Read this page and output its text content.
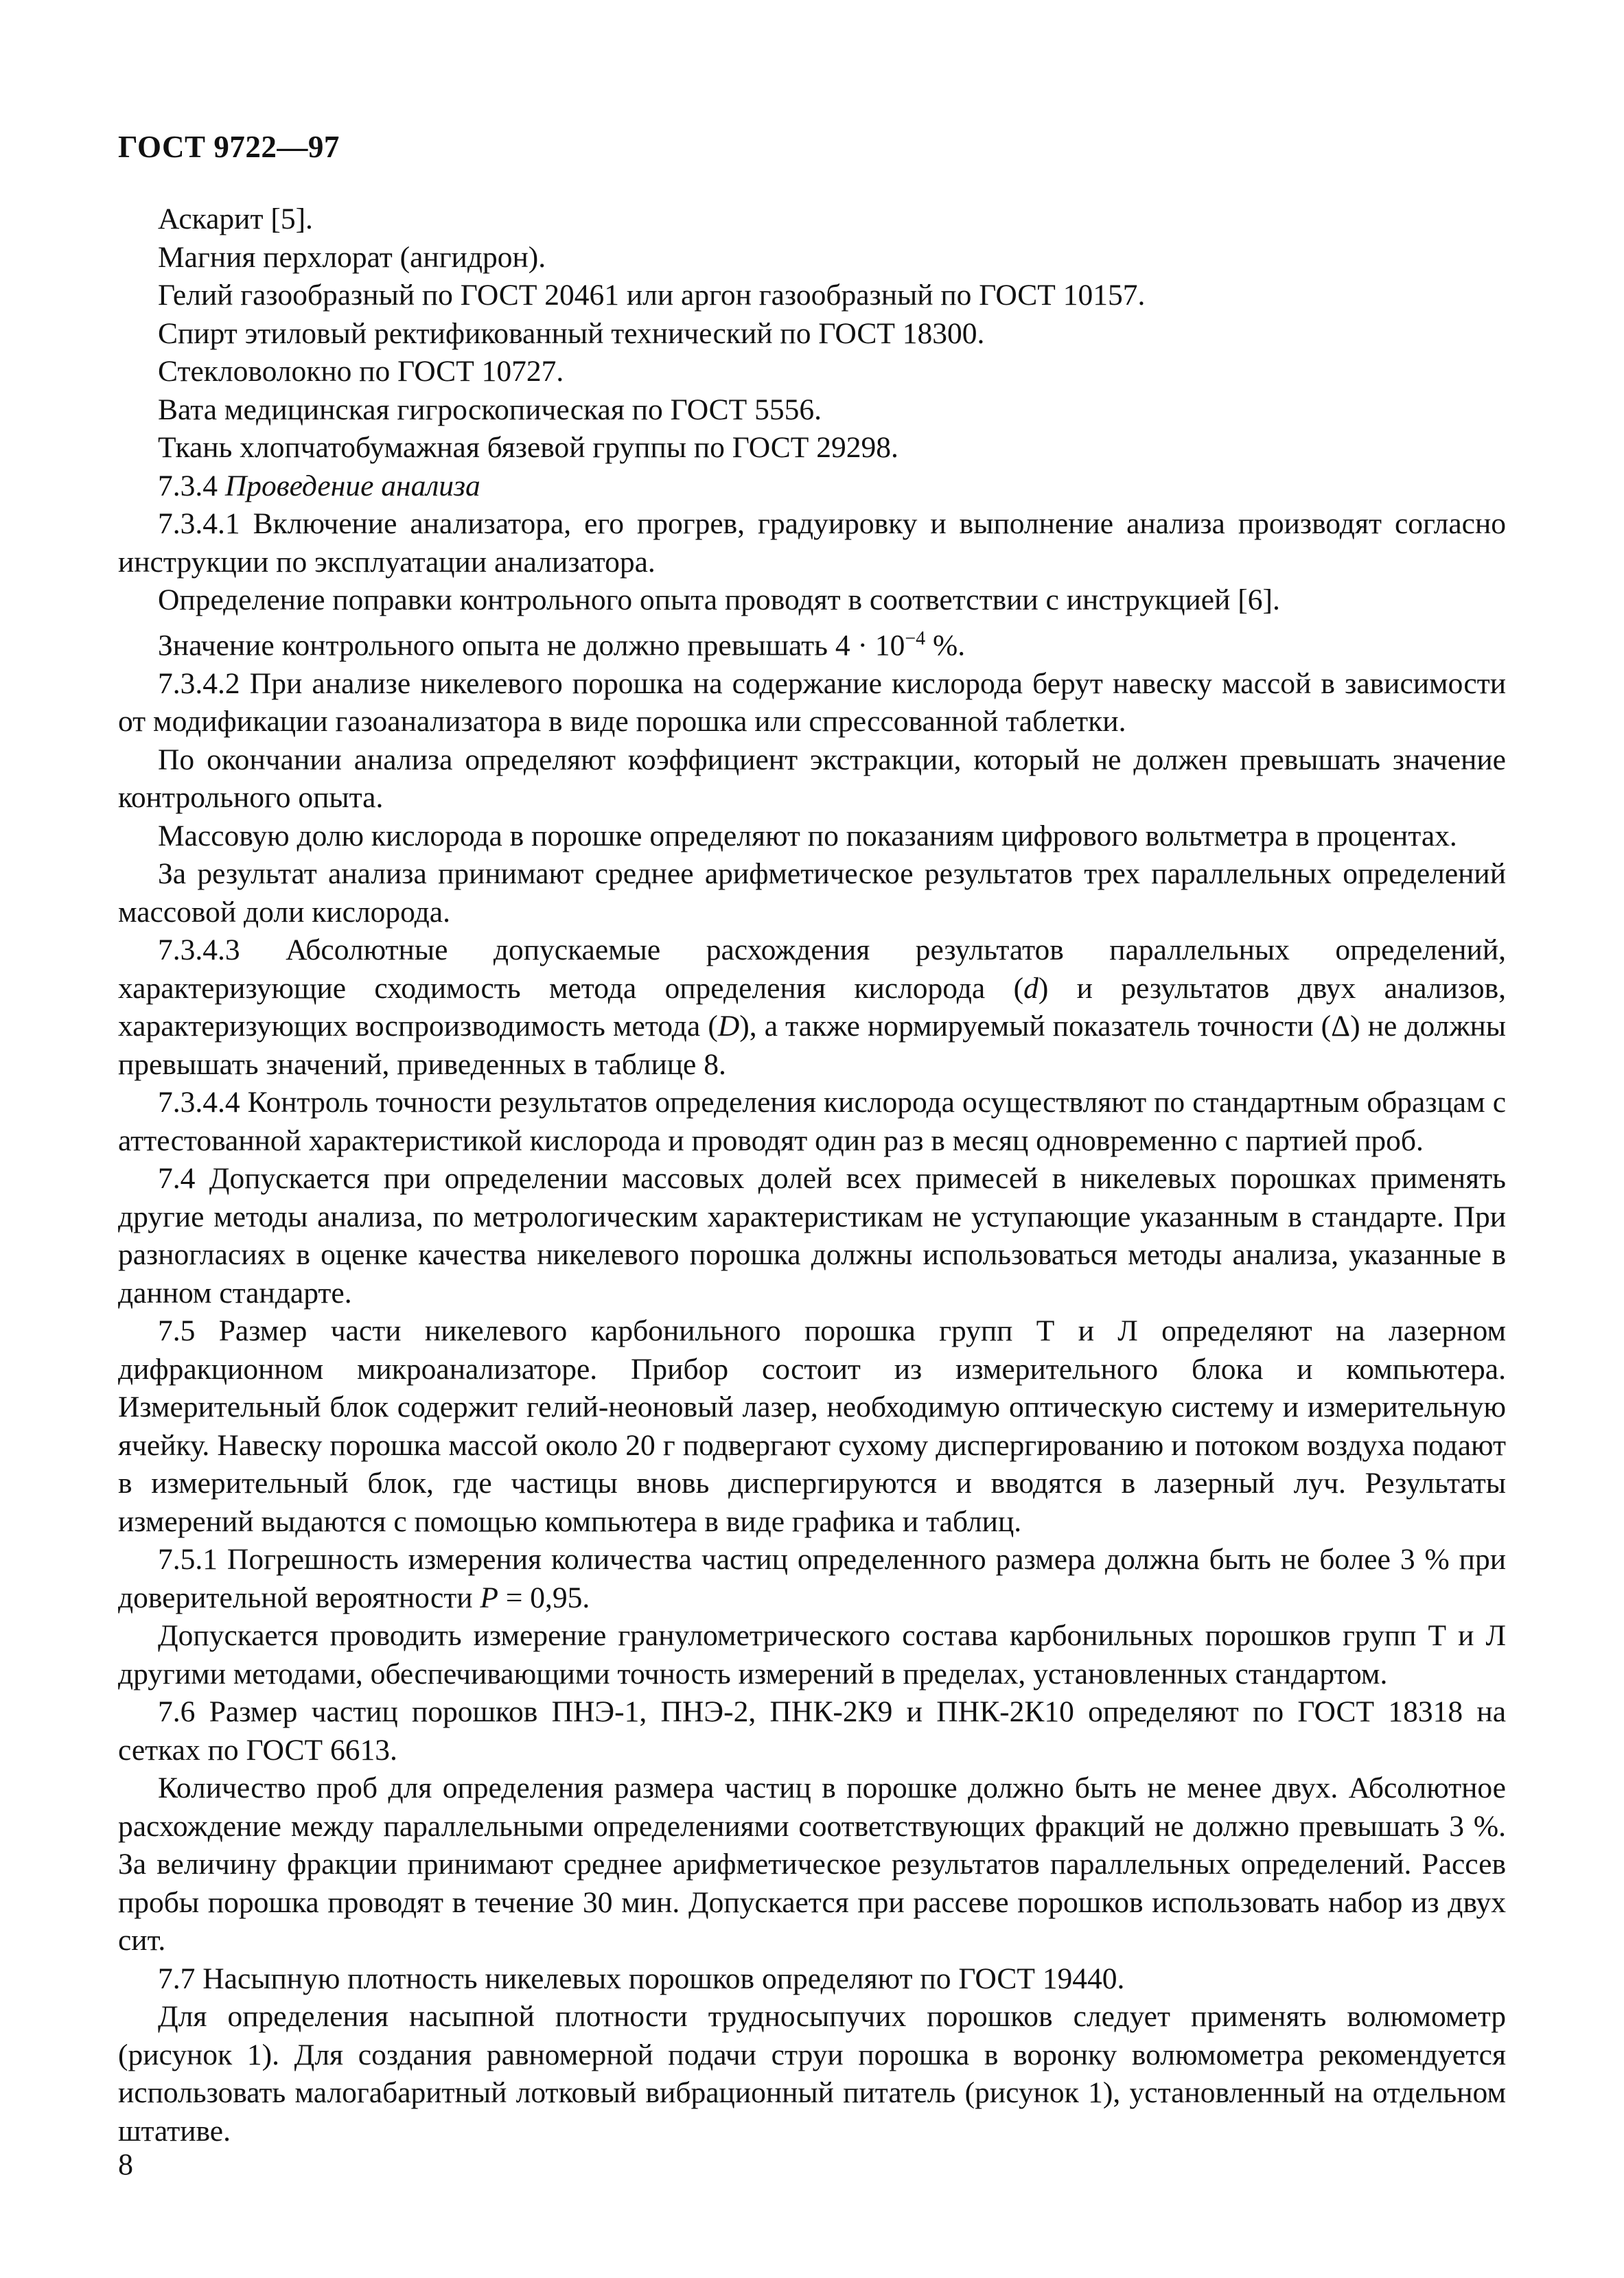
ГОСТ 9722—97

Аскарит [5].

Магния перхлорат (ангидрон).

Гелий газообразный по ГОСТ 20461 или аргон газообразный по ГОСТ 10157.

Спирт этиловый ректификованный технический по ГОСТ 18300.

Стекловолокно по ГОСТ 10727.

Вата медицинская гигроскопическая по ГОСТ 5556.

Ткань хлопчатобумажная бязевой группы по ГОСТ 29298.

7.3.4 Проведение анализа

7.3.4.1 Включение анализатора, его прогрев, градуировку и выполнение анализа производят согласно инструкции по эксплуатации анализатора.

Определение поправки контрольного опыта проводят в соответствии с инструкцией [6].

Значение контрольного опыта не должно превышать $4 \cdot 10^{-4}$ %.

7.3.4.2 При анализе никелевого порошка на содержание кислорода берут навеску массой в зависимости от модификации газоанализатора в виде порошка или спрессованной таблетки.

По окончании анализа определяют коэффициент экстракции, который не должен превышать значение контрольного опыта.

Массовую долю кислорода в порошке определяют по показаниям цифрового вольтметра в процентах.

За результат анализа принимают среднее арифметическое результатов трех параллельных определений массовой доли кислорода.

7.3.4.3 Абсолютные допускаемые расхождения результатов параллельных определений, характеризующие сходимость метода определения кислорода (d) и результатов двух анализов, характеризующих воспроизводимость метода (D), а также нормируемый показатель точности (Δ) не должны превышать значений, приведенных в таблице 8.

7.3.4.4 Контроль точности результатов определения кислорода осуществляют по стандартным образцам с аттестованной характеристикой кислорода и проводят один раз в месяц одновременно с партией проб.

7.4 Допускается при определении массовых долей всех примесей в никелевых порошках применять другие методы анализа, по метрологическим характеристикам не уступающие указанным в стандарте. При разногласиях в оценке качества никелевого порошка должны использоваться методы анализа, указанные в данном стандарте.

7.5 Размер части никелевого карбонильного порошка групп Т и Л определяют на лазерном дифракционном микроанализаторе. Прибор состоит из измерительного блока и компьютера. Измерительный блок содержит гелий-неоновый лазер, необходимую оптическую систему и измерительную ячейку. Навеску порошка массой около 20 г подвергают сухому диспергированию и потоком воздуха подают в измерительный блок, где частицы вновь диспергируются и вводятся в лазерный луч. Результаты измерений выдаются с помощью компьютера в виде графика и таблиц.

7.5.1 Погрешность измерения количества частиц определенного размера должна быть не более 3 % при доверительной вероятности P = 0,95.

Допускается проводить измерение гранулометрического состава карбонильных порошков групп Т и Л другими методами, обеспечивающими точность измерений в пределах, установленных стандартом.

7.6 Размер частиц порошков ПНЭ-1, ПНЭ-2, ПНК-2К9 и ПНК-2К10 определяют по ГОСТ 18318 на сетках по ГОСТ 6613.

Количество проб для определения размера частиц в порошке должно быть не менее двух. Абсолютное расхождение между параллельными определениями соответствующих фракций не должно превышать 3 %. За величину фракции принимают среднее арифметическое результатов параллельных определений. Рассев пробы порошка проводят в течение 30 мин. Допускается при рассеве порошков использовать набор из двух сит.

7.7 Насыпную плотность никелевых порошков определяют по ГОСТ 19440.

Для определения насыпной плотности трудносыпучих порошков следует применять волюмометр (рисунок 1). Для создания равномерной подачи струи порошка в воронку волюмометра рекомендуется использовать малогабаритный лотковый вибрационный питатель (рисунок 1), установленный на отдельном штативе.

8
